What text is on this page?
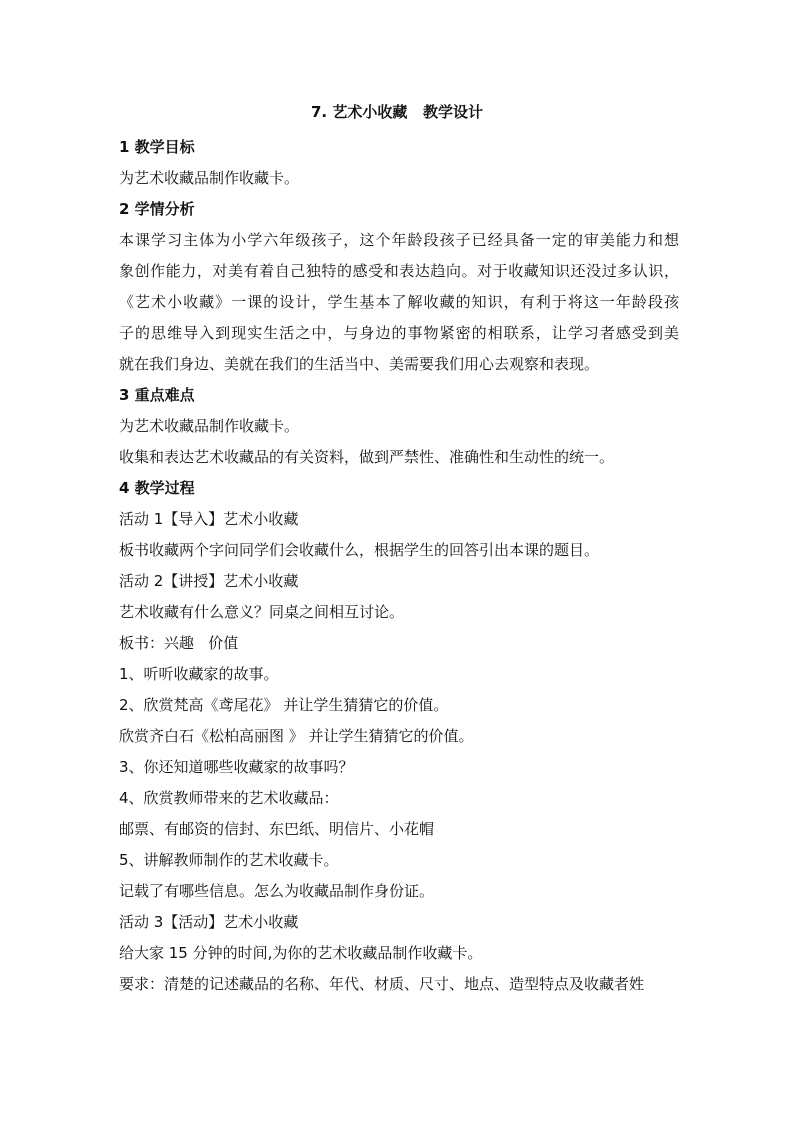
7. 艺术小收藏   教学设计
1 教学目标
为艺术收藏品制作收藏卡。
2 学情分析
本课学习主体为小学六年级孩子，这个年龄段孩子已经具备一定的审美能力和想
象创作能力，对美有着自己独特的感受和表达趋向。对于收藏知识还没过多认识，
《艺术小收藏》一课的设计，学生基本了解收藏的知识，有利于将这一年龄段孩
子的思维导入到现实生活之中，与身边的事物紧密的相联系，让学习者感受到美
就在我们身边、美就在我们的生活当中、美需要我们用心去观察和表现。
3 重点难点
为艺术收藏品制作收藏卡。
收集和表达艺术收藏品的有关资料，做到严禁性、准确性和生动性的统一。
4 教学过程
活动 1【导入】艺术小收藏
板书收藏两个字问同学们会收藏什么，根据学生的回答引出本课的题目。
活动 2【讲授】艺术小收藏
艺术收藏有什么意义？同桌之间相互讨论。
板书：兴趣   价值
1、听听收藏家的故事。
2、欣赏梵高《鸢尾花》 并让学生猜猜它的价值。
欣赏齐白石《松柏高丽图 》 并让学生猜猜它的价值。
3、你还知道哪些收藏家的故事吗？
4、欣赏教师带来的艺术收藏品：
邮票、有邮资的信封、东巴纸、明信片、小花帽
5、讲解教师制作的艺术收藏卡。
记载了有哪些信息。怎么为收藏品制作身份证。
活动 3【活动】艺术小收藏
给大家 15 分钟的时间,为你的艺术收藏品制作收藏卡。
要求：清楚的记述藏品的名称、年代、材质、尺寸、地点、造型特点及收藏者姓
